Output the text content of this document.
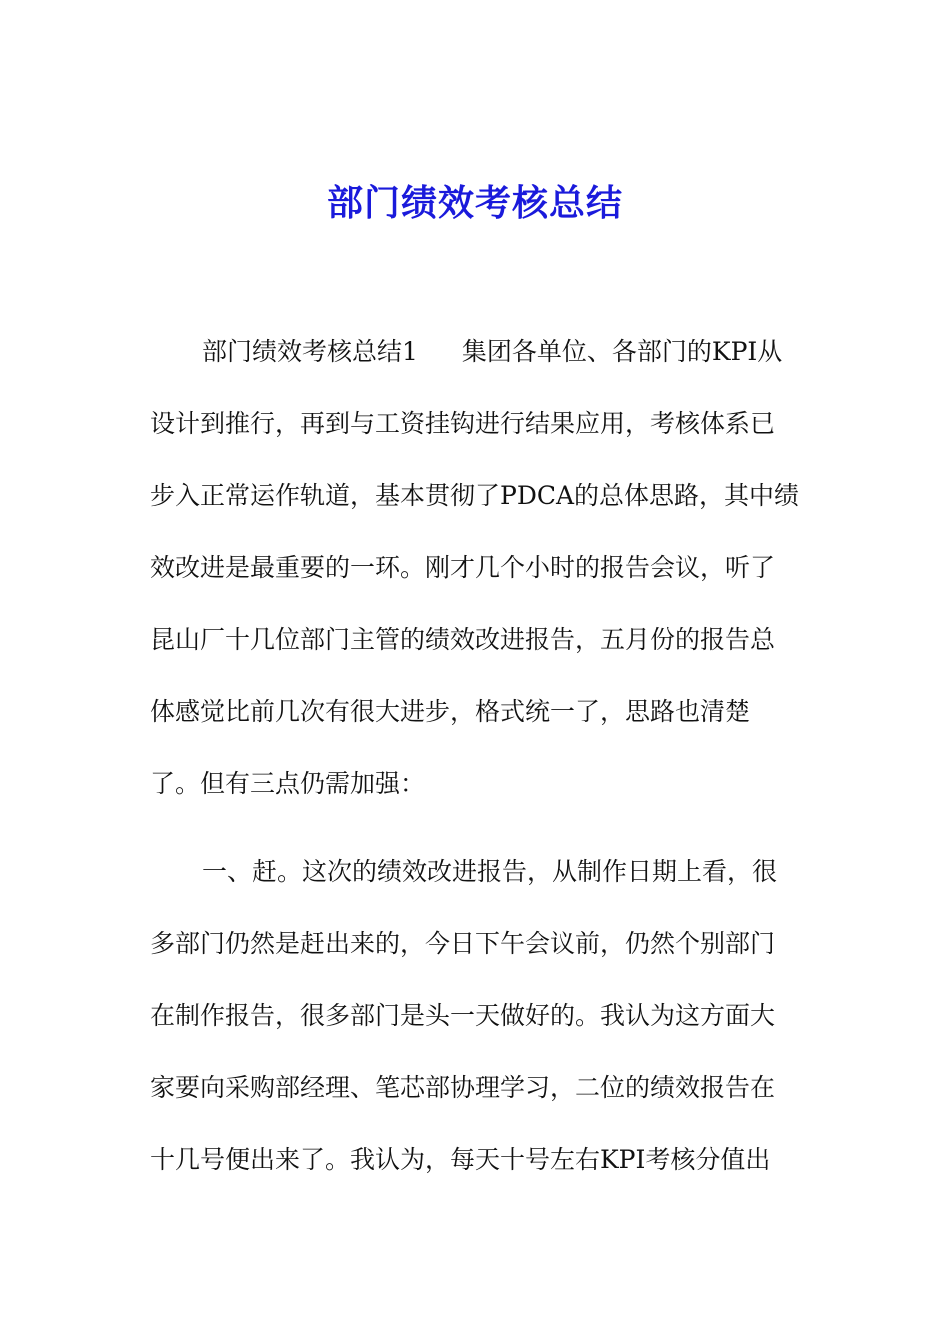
部门绩效考核总结
部门绩效考核总结1 集团各单位、各部门的KPI从
设计到推行，再到与工资挂钩进行结果应用，考核体系已
步入正常运作轨道，基本贯彻了PDCA的总体思路，其中绩
效改进是最重要的一环。刚才几个小时的报告会议，听了
昆山厂十几位部门主管的绩效改进报告，五月份的报告总
体感觉比前几次有很大进步，格式统一了，思路也清楚
了。但有三点仍需加强：
一、赶。这次的绩效改进报告，从制作日期上看，很
多部门仍然是赶出来的，今日下午会议前，仍然个别部门
在制作报告，很多部门是头一天做好的。我认为这方面大
家要向采购部经理、笔芯部协理学习，二位的绩效报告在
十几号便出来了。我认为，每天十号左右KPI考核分值出
